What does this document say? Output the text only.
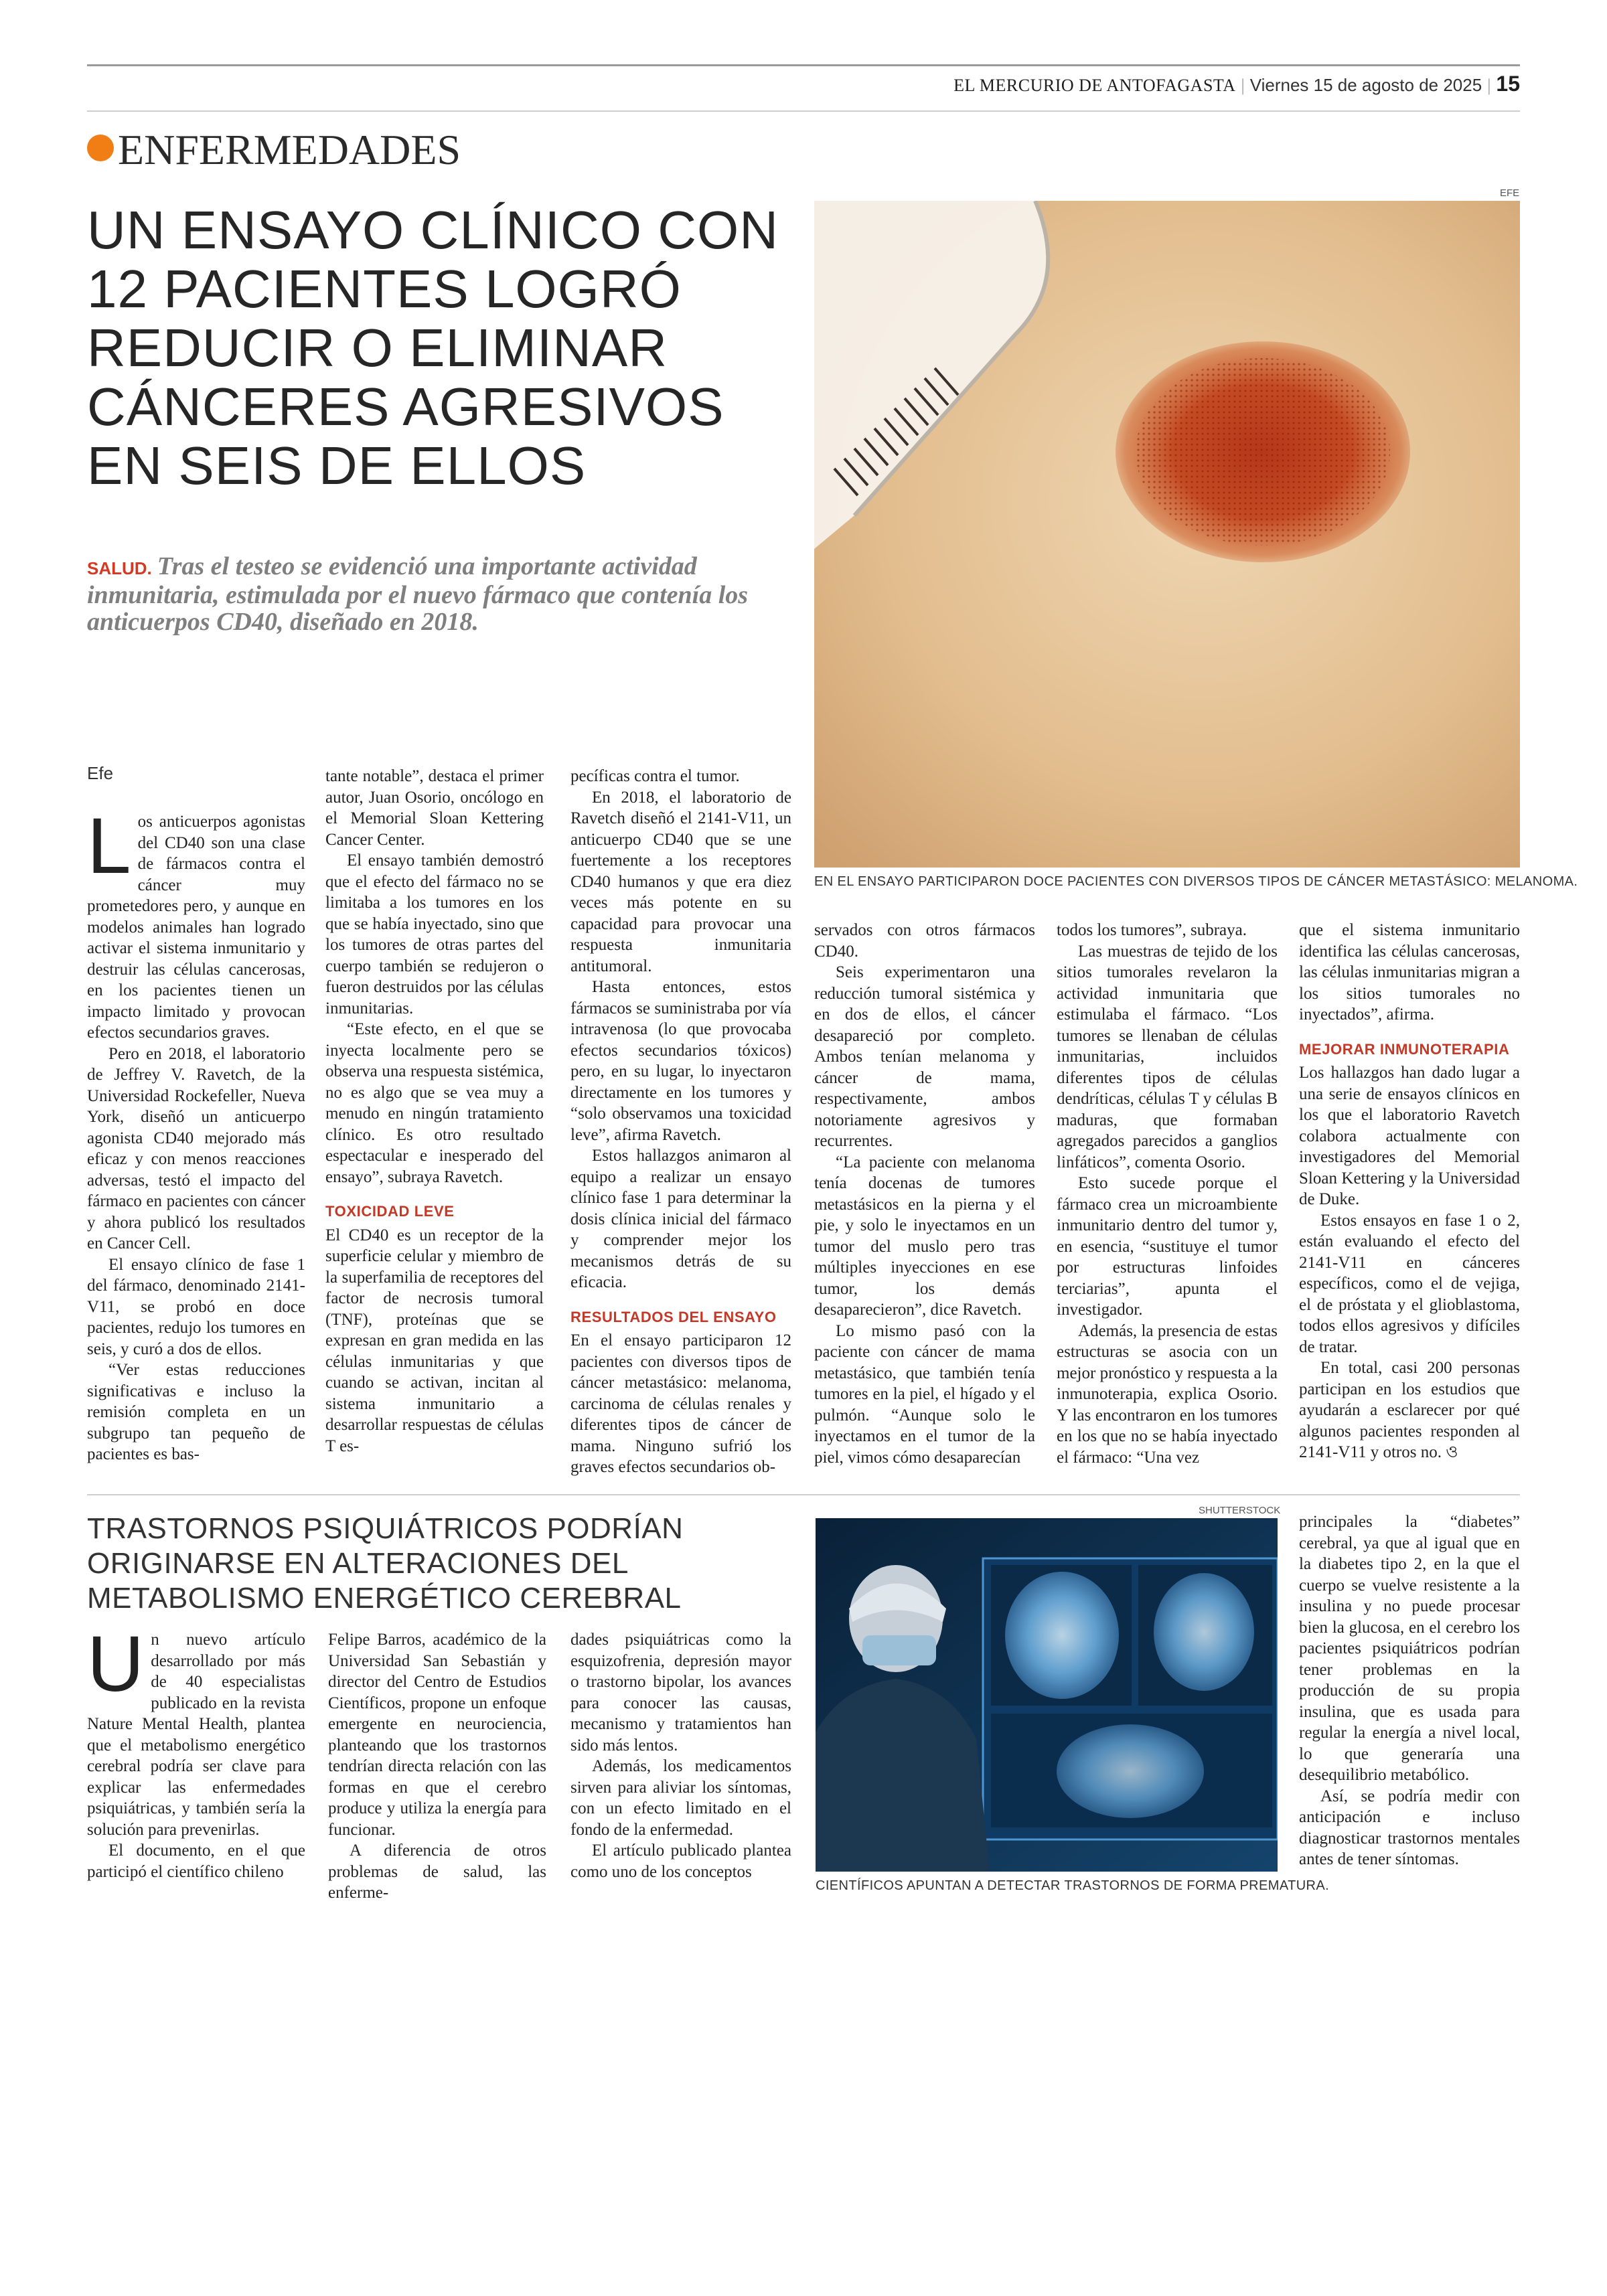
EL MERCURIO DE ANTOFAGASTA | Viernes 15 de agosto de 2025 | 15
ENFERMEDADES
UN ENSAYO CLÍNICO CON 12 PACIENTES LOGRÓ REDUCIR O ELIMINAR CÁNCERES AGRESIVOS EN SEIS DE ELLOS
SALUD. Tras el testeo se evidenció una importante actividad inmunitaria, estimulada por el nuevo fármaco que contenía los anticuerpos CD40, diseñado en 2018.
EFE
EN EL ENSAYO PARTICIPARON DOCE PACIENTES CON DIVERSOS TIPOS DE CÁNCER METASTÁSICO: MELANOMA.
Efe

Los anticuerpos agonistas del CD40 son una clase de fármacos contra el cáncer muy prometedores pero, y aunque en modelos animales han logrado activar el sistema inmunitario y destruir las células cancerosas, en los pacientes tienen un impacto limitado y provocan efectos secundarios graves.

Pero en 2018, el laboratorio de Jeffrey V. Ravetch, de la Universidad Rockefeller, Nueva York, diseñó un anticuerpo agonista CD40 mejorado más eficaz y con menos reacciones adversas, testó el impacto del fármaco en pacientes con cáncer y ahora publicó los resultados en Cancer Cell.

El ensayo clínico de fase 1 del fármaco, denominado 2141-V11, se probó en doce pacientes, redujo los tumores en seis, y curó a dos de ellos.

“Ver estas reducciones significativas e incluso la remisión completa en un subgrupo tan pequeño de pacientes es bas-

tante notable”, destaca el primer autor, Juan Osorio, oncólogo en el Memorial Sloan Kettering Cancer Center.

El ensayo también demostró que el efecto del fármaco no se limitaba a los tumores en los que se había inyectado, sino que los tumores de otras partes del cuerpo también se redujeron o fueron destruidos por las células inmunitarias.

“Este efecto, en el que se inyecta localmente pero se observa una respuesta sistémica, no es algo que se vea muy a menudo en ningún tratamiento clínico. Es otro resultado espectacular e inesperado del ensayo”, subraya Ravetch.

TOXICIDAD LEVE

El CD40 es un receptor de la superficie celular y miembro de la superfamilia de receptores del factor de necrosis tumoral (TNF), proteínas que se expresan en gran medida en las células inmunitarias y que cuando se activan, incitan al sistema inmunitario a desarrollar respuestas de células T es-

pecíficas contra el tumor.

En 2018, el laboratorio de Ravetch diseñó el 2141-V11, un anticuerpo CD40 que se une fuertemente a los receptores CD40 humanos y que era diez veces más potente en su capacidad para provocar una respuesta inmunitaria antitumoral.

Hasta entonces, estos fármacos se suministraba por vía intravenosa (lo que provocaba efectos secundarios tóxicos) pero, en su lugar, lo inyectaron directamente en los tumores y “solo observamos una toxicidad leve”, afirma Ravetch.

Estos hallazgos animaron al equipo a realizar un ensayo clínico fase 1 para determinar la dosis clínica inicial del fármaco y comprender mejor los mecanismos detrás de su eficacia.

RESULTADOS DEL ENSAYO

En el ensayo participaron 12 pacientes con diversos tipos de cáncer metastásico: melanoma, carcinoma de células renales y diferentes tipos de cáncer de mama. Ninguno sufrió los graves efectos secundarios ob-

servados con otros fármacos CD40.

Seis experimentaron una reducción tumoral sistémica y en dos de ellos, el cáncer desapareció por completo. Ambos tenían melanoma y cáncer de mama, respectivamente, ambos notoriamente agresivos y recurrentes.

“La paciente con melanoma tenía docenas de tumores metastásicos en la pierna y el pie, y solo le inyectamos en un tumor del muslo pero tras múltiples inyecciones en ese tumor, los demás desaparecieron”, dice Ravetch.

Lo mismo pasó con la paciente con cáncer de mama metastásico, que también tenía tumores en la piel, el hígado y el pulmón. “Aunque solo le inyectamos en el tumor de la piel, vimos cómo desaparecían

todos los tumores”, subraya.

Las muestras de tejido de los sitios tumorales revelaron la actividad inmunitaria que estimulaba el fármaco. “Los tumores se llenaban de células inmunitarias, incluidos diferentes tipos de células dendríticas, células T y células B maduras, que formaban agregados parecidos a ganglios linfáticos”, comenta Osorio.

Esto sucede porque el fármaco crea un microambiente inmunitario dentro del tumor y, en esencia, “sustituye el tumor por estructuras linfoides terciarias”, apunta el investigador.

Además, la presencia de estas estructuras se asocia con un mejor pronóstico y respuesta a la inmunoterapia, explica Osorio. Y las encontraron en los tumores en los que no se había inyectado el fármaco: “Una vez

que el sistema inmunitario identifica las células cancerosas, las células inmunitarias migran a los sitios tumorales no inyectados”, afirma.

MEJORAR INMUNOTERAPIA

Los hallazgos han dado lugar a una serie de ensayos clínicos en los que el laboratorio Ravetch colabora actualmente con investigadores del Memorial Sloan Kettering y la Universidad de Duke.

Estos ensayos en fase 1 o 2, están evaluando el efecto del 2141-V11 en cánceres específicos, como el de vejiga, el de próstata y el glioblastoma, todos ellos agresivos y difíciles de tratar.

En total, casi 200 personas participan en los estudios que ayudarán a esclarecer por qué algunos pacientes responden al 2141-V11 y otros no. ও

TRASTORNOS PSIQUIÁTRICOS PODRÍAN ORIGINARSE EN ALTERACIONES DEL METABOLISMO ENERGÉTICO CEREBRAL

Un nuevo artículo desarrollado por más de 40 especialistas publicado en la revista Nature Mental Health, plantea que el metabolismo energético cerebral podría ser clave para explicar las enfermedades psiquiátricas, y también sería la solución para prevenirlas.

El documento, en el que participó el científico chileno

Felipe Barros, académico de la Universidad San Sebastián y director del Centro de Estudios Científicos, propone un enfoque emergente en neurociencia, planteando que los trastornos tendrían directa relación con las formas en que el cerebro produce y utiliza la energía para funcionar.

A diferencia de otros problemas de salud, las enferme-

dades psiquiátricas como la esquizofrenia, depresión mayor o trastorno bipolar, los avances para conocer las causas, mecanismo y tratamientos han sido más lentos.

Además, los medicamentos sirven para aliviar los síntomas, con un efecto limitado en el fondo de la enfermedad.

El artículo publicado plantea como uno de los conceptos

SHUTTERSTOCK
CIENTÍFICOS APUNTAN A DETECTAR TRASTORNOS DE FORMA PREMATURA.

principales la “diabetes” cerebral, ya que al igual que en la diabetes tipo 2, en la que el cuerpo se vuelve resistente a la insulina y no puede procesar bien la glucosa, en el cerebro los pacientes psiquiátricos podrían tener problemas en la producción de su propia insulina, que es usada para regular la energía a nivel local, lo que generaría una desequilibrio metabólico.

Así, se podría medir con anticipación e incluso diagnosticar trastornos mentales antes de tener síntomas.
